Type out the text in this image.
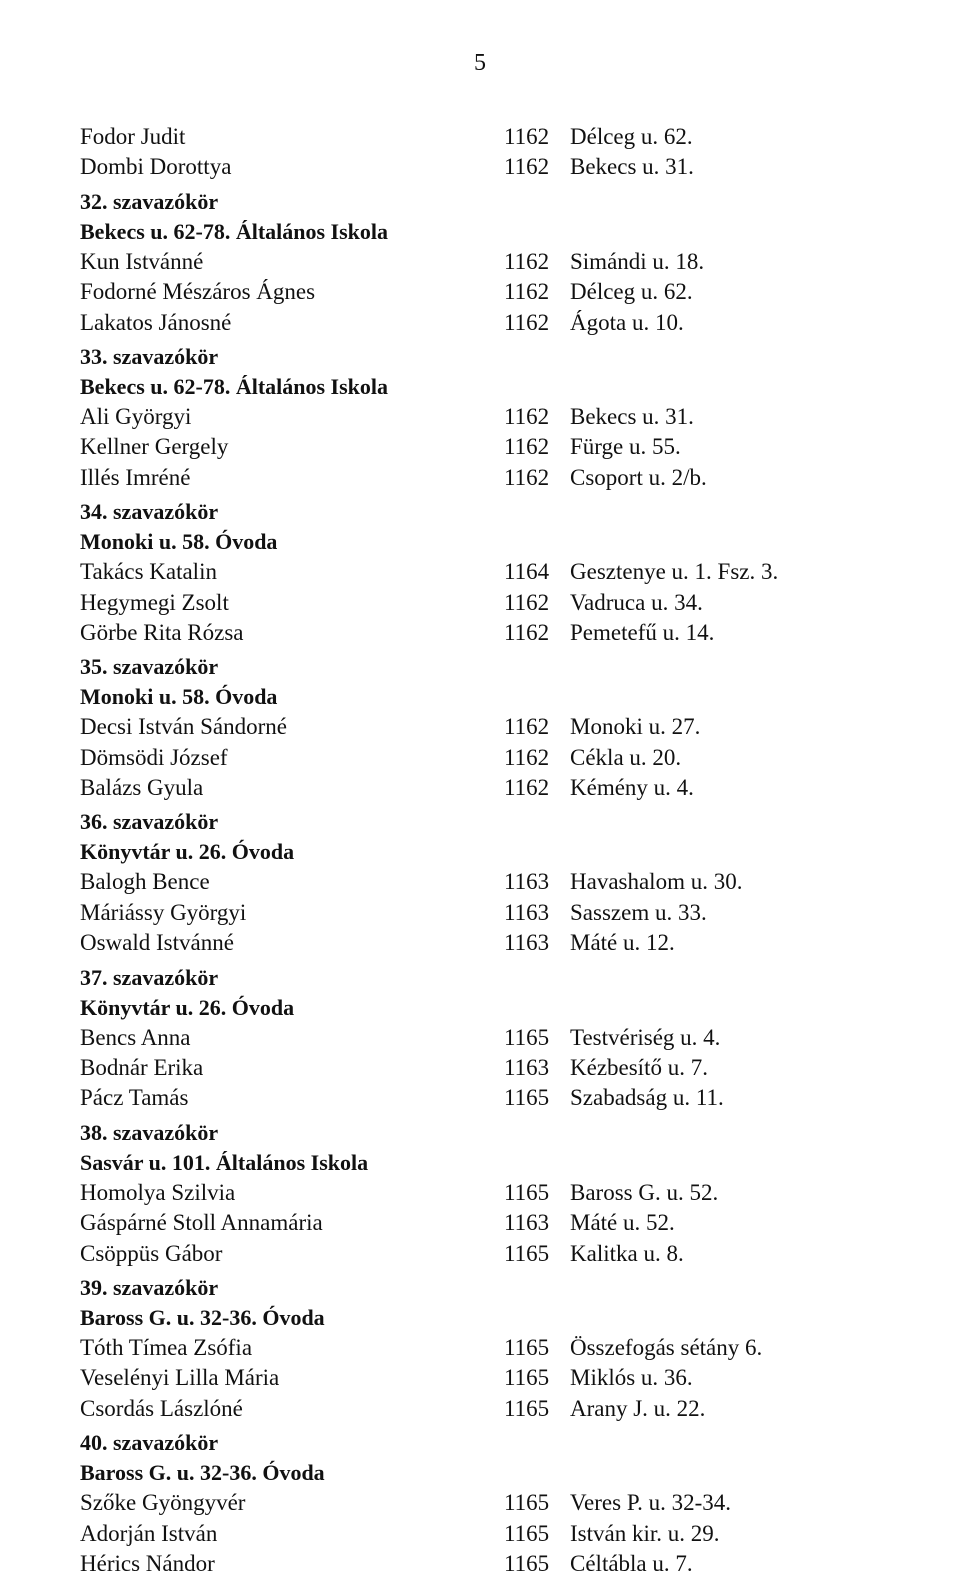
5
Fodor Judit	1162 Délceg u. 62.
Dombi Dorottya	1162 Bekecs u. 31.
32. szavazókör
Bekecs u. 62-78. Általános Iskola
Kun Istvánné	1162 Simándi u. 18.
Fodorné Mészáros Ágnes	1162 Délceg u. 62.
Lakatos Jánosné	1162 Ágota u. 10.
33. szavazókör
Bekecs u. 62-78. Általános Iskola
Ali Györgyi	1162 Bekecs u. 31.
Kellner Gergely	1162 Fürge u. 55.
Illés Imréné	1162 Csoport u. 2/b.
34. szavazókör
Monoki u. 58. Óvoda
Takács Katalin	1164 Gesztenye u. 1. Fsz. 3.
Hegymegi Zsolt	1162 Vadruca u. 34.
Görbe Rita Rózsa	1162 Pemetefű u. 14.
35. szavazókör
Monoki u. 58. Óvoda
Decsi István Sándorné	1162 Monoki u. 27.
Dömsödi József	1162 Cékla u. 20.
Balázs Gyula	1162 Kémény u. 4.
36. szavazókör
Könyvtár u. 26. Óvoda
Balogh Bence	1163 Havashalom u. 30.
Máriássy Györgyi	1163 Sasszem u. 33.
Oswald Istvánné	1163 Máté u. 12.
37. szavazókör
Könyvtár u. 26. Óvoda
Bencs Anna	1165 Testvériség u. 4.
Bodnár Erika	1163 Kézbesítő u. 7.
Pácz Tamás	1165 Szabadság u. 11.
38. szavazókör
Sasvár u. 101. Általános Iskola
Homolya Szilvia	1165 Baross G. u. 52.
Gáspárné Stoll Annamária	1163 Máté u. 52.
Csöppüs Gábor	1165 Kalitka u. 8.
39. szavazókör
Baross G. u. 32-36. Óvoda
Tóth Tímea Zsófia	1165 Összefogás sétány 6.
Veselényi Lilla Mária	1165 Miklós u. 36.
Csordás Lászlóné	1165 Arany J. u. 22.
40. szavazókör
Baross G. u. 32-36. Óvoda
Szőke Gyöngyvér	1165 Veres P. u. 32-34.
Adorján István	1165 István kir. u. 29.
Hérics Nándor	1165 Céltábla u. 7.
